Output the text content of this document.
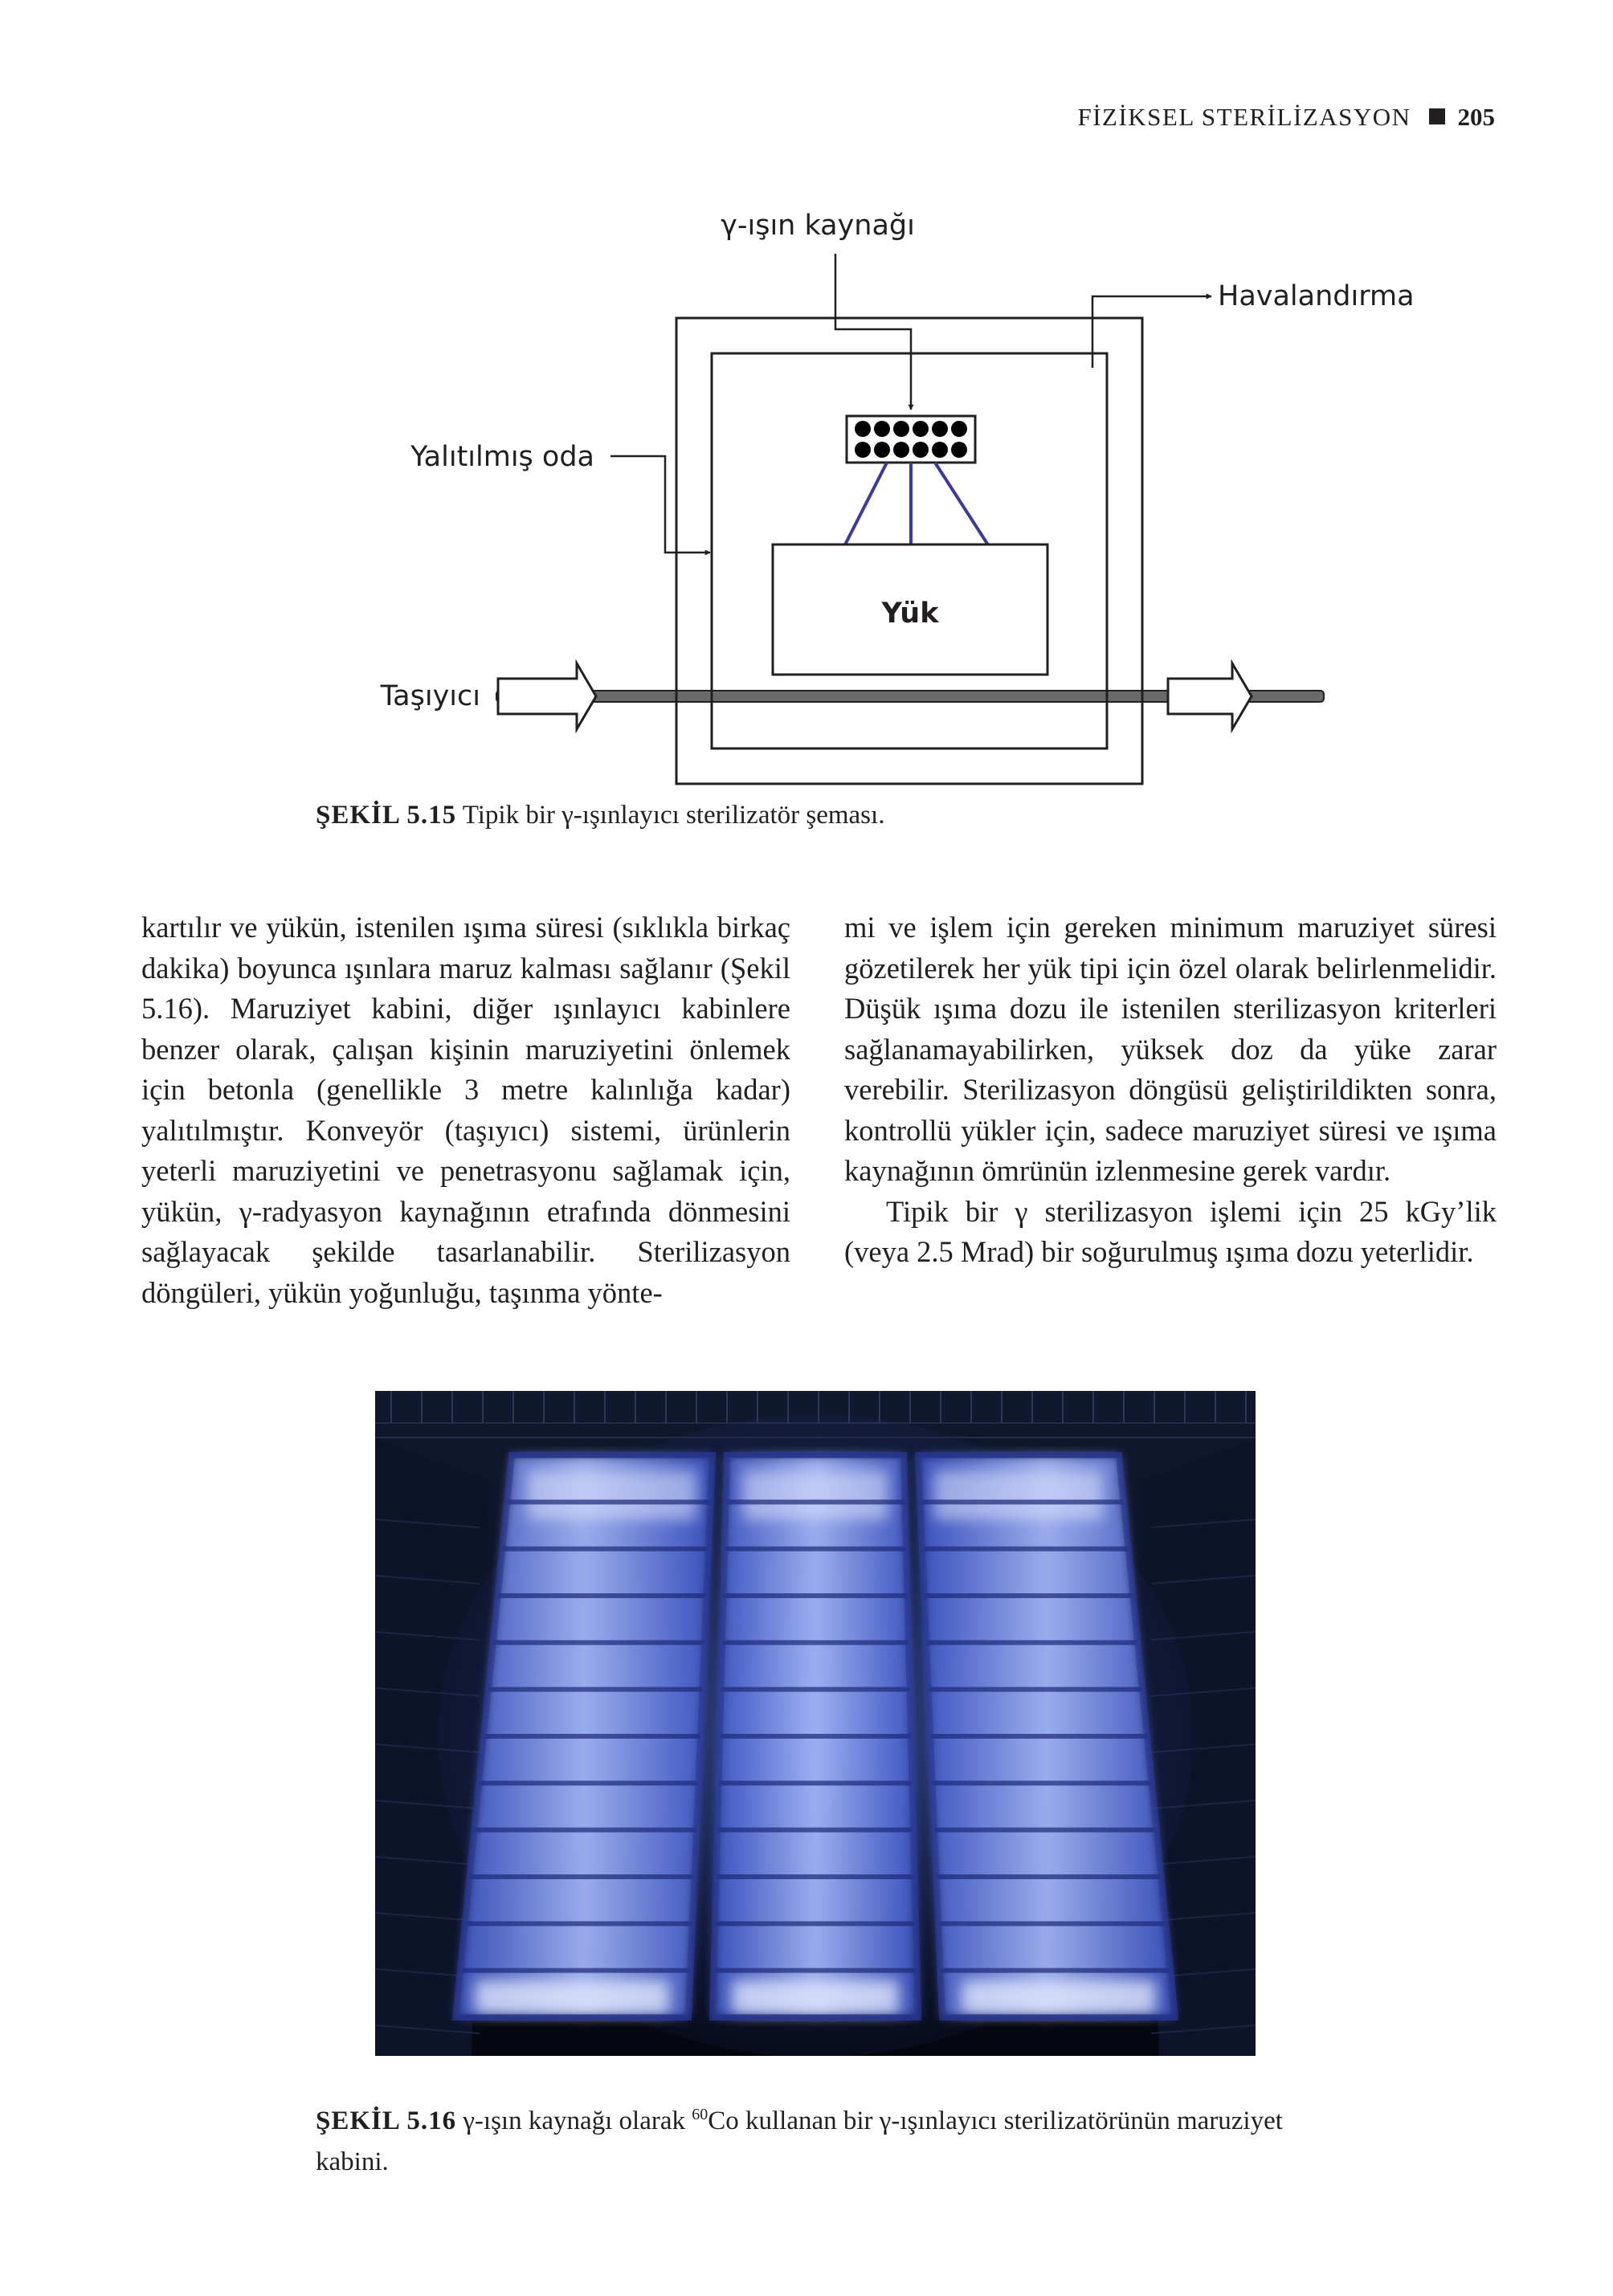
FİZİKSEL STERİLİZASYON 205
Yük
γ-ışın kaynağı
Havalandırma
Yalıtılmış oda
Taşıyıcı
ŞEKİL 5.15 Tipik bir γ-ışınlayıcı sterilizatör şeması.

kartılır ve yükün, istenilen ışıma süresi (sıklıkla birkaç dakika) boyunca ışınlara maruz kalması sağlanır (Şekil 5.16). Maruziyet kabini, diğer ışınlayıcı kabinlere benzer olarak, çalışan kişinin maruziyetini önlemek için betonla (genellikle 3 metre kalınlığa kadar) yalıtılmıştır. Konveyör (taşıyıcı) sistemi, ürünlerin yeterli maruziyetini ve penetrasyonu sağlamak için, yükün, γ-radyasyon kaynağının etrafında dönmesini sağlayacak şekilde tasarlanabilir. Sterilizasyon döngüleri, yükün yoğunluğu, taşınma yönte-

mi ve işlem için gereken minimum maruziyet süresi gözetilerek her yük tipi için özel olarak belirlenmelidir. Düşük ışıma dozu ile istenilen sterilizasyon kriterleri sağlanamayabilirken, yüksek doz da yüke zarar verebilir. Sterilizasyon döngüsü geliştirildikten sonra, kontrollü yükler için, sadece maruziyet süresi ve ışıma kaynağının ömrünün izlenmesine gerek vardır.

Tipik bir γ sterilizasyon işlemi için 25 kGy’lik (veya 2.5 Mrad) bir soğurulmuş ışıma dozu yeterlidir.

ŞEKİL 5.16 γ-ışın kaynağı olarak $^{60}$Co kullanan bir γ-ışınlayıcı sterilizatörünün maruziyet kabini.
